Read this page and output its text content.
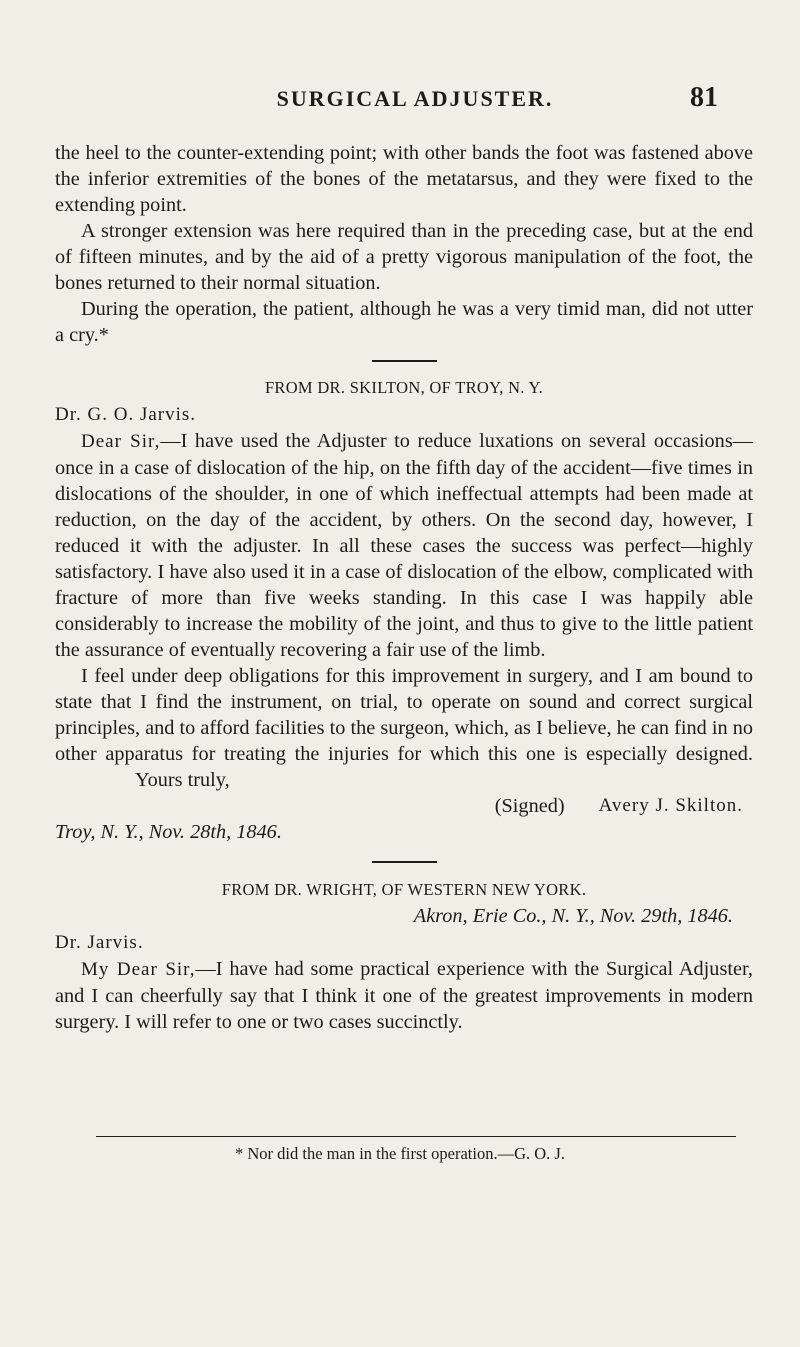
SURGICAL ADJUSTER.	81

the heel to the counter-extending point; with other bands the foot was fastened above the inferior extremities of the bones of the metatarsus, and they were fixed to the extending point.

A stronger extension was here required than in the preceding case, but at the end of fifteen minutes, and by the aid of a pretty vigorous manipulation of the foot, the bones returned to their normal situation.

During the operation, the patient, although he was a very timid man, did not utter a cry.*

FROM DR. SKILTON, OF TROY, N. Y.

Dr. G. O. Jarvis.

Dear Sir,—I have used the Adjuster to reduce luxations on several occasions—once in a case of dislocation of the hip, on the fifth day of the accident—five times in dislocations of the shoulder, in one of which ineffectual attempts had been made at reduction, on the day of the accident, by others. On the second day, however, I reduced it with the adjuster. In all these cases the success was perfect—highly satisfactory. I have also used it in a case of dislocation of the elbow, complicated with fracture of more than five weeks standing. In this case I was happily able considerably to increase the mobility of the joint, and thus to give to the little patient the assurance of eventually recovering a fair use of the limb.

I feel under deep obligations for this improvement in surgery, and I am bound to state that I find the instrument, on trial, to operate on sound and correct surgical principles, and to afford facilities to the surgeon, which, as I believe, he can find in no other apparatus for treating the injuries for which this one is especially designed. Yours truly,

(Signed) Avery J. Skilton.

Troy, N. Y., Nov. 28th, 1846.

FROM DR. WRIGHT, OF WESTERN NEW YORK.

Akron, Erie Co., N. Y., Nov. 29th, 1846.

Dr. Jarvis.

My Dear Sir,—I have had some practical experience with the Surgical Adjuster, and I can cheerfully say that I think it one of the greatest improvements in modern surgery. I will refer to one or two cases succinctly.

* Nor did the man in the first operation.—G. O. J.
